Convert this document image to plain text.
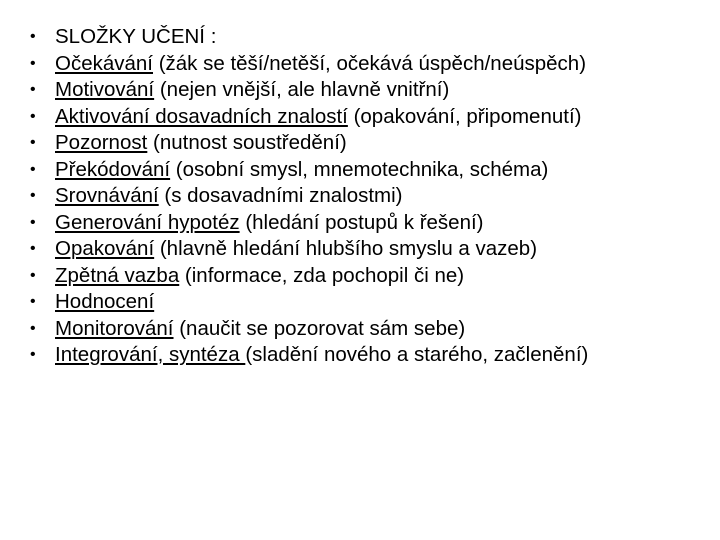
• SLOŽKY UČENÍ :
• Očekávání (žák se těší/netěší, očekává úspěch/neúspěch)
• Motivování (nejen vnější, ale hlavně vnitřní)
• Aktivování dosavadních znalostí (opakování, připomenutí)
• Pozornost (nutnost soustředění)
• Překódování (osobní smysl, mnemotechnika, schéma)
• Srovnávání (s dosavadními znalostmi)
• Generování hypotéz (hledání postupů k řešení)
• Opakování (hlavně hledání hlubšího smyslu a vazeb)
• Zpětná vazba (informace, zda pochopil či ne)
• Hodnocení
• Monitorování (naučit se pozorovat sám sebe)
• Integrování, syntéza (sladění nového a starého, začlenění)
